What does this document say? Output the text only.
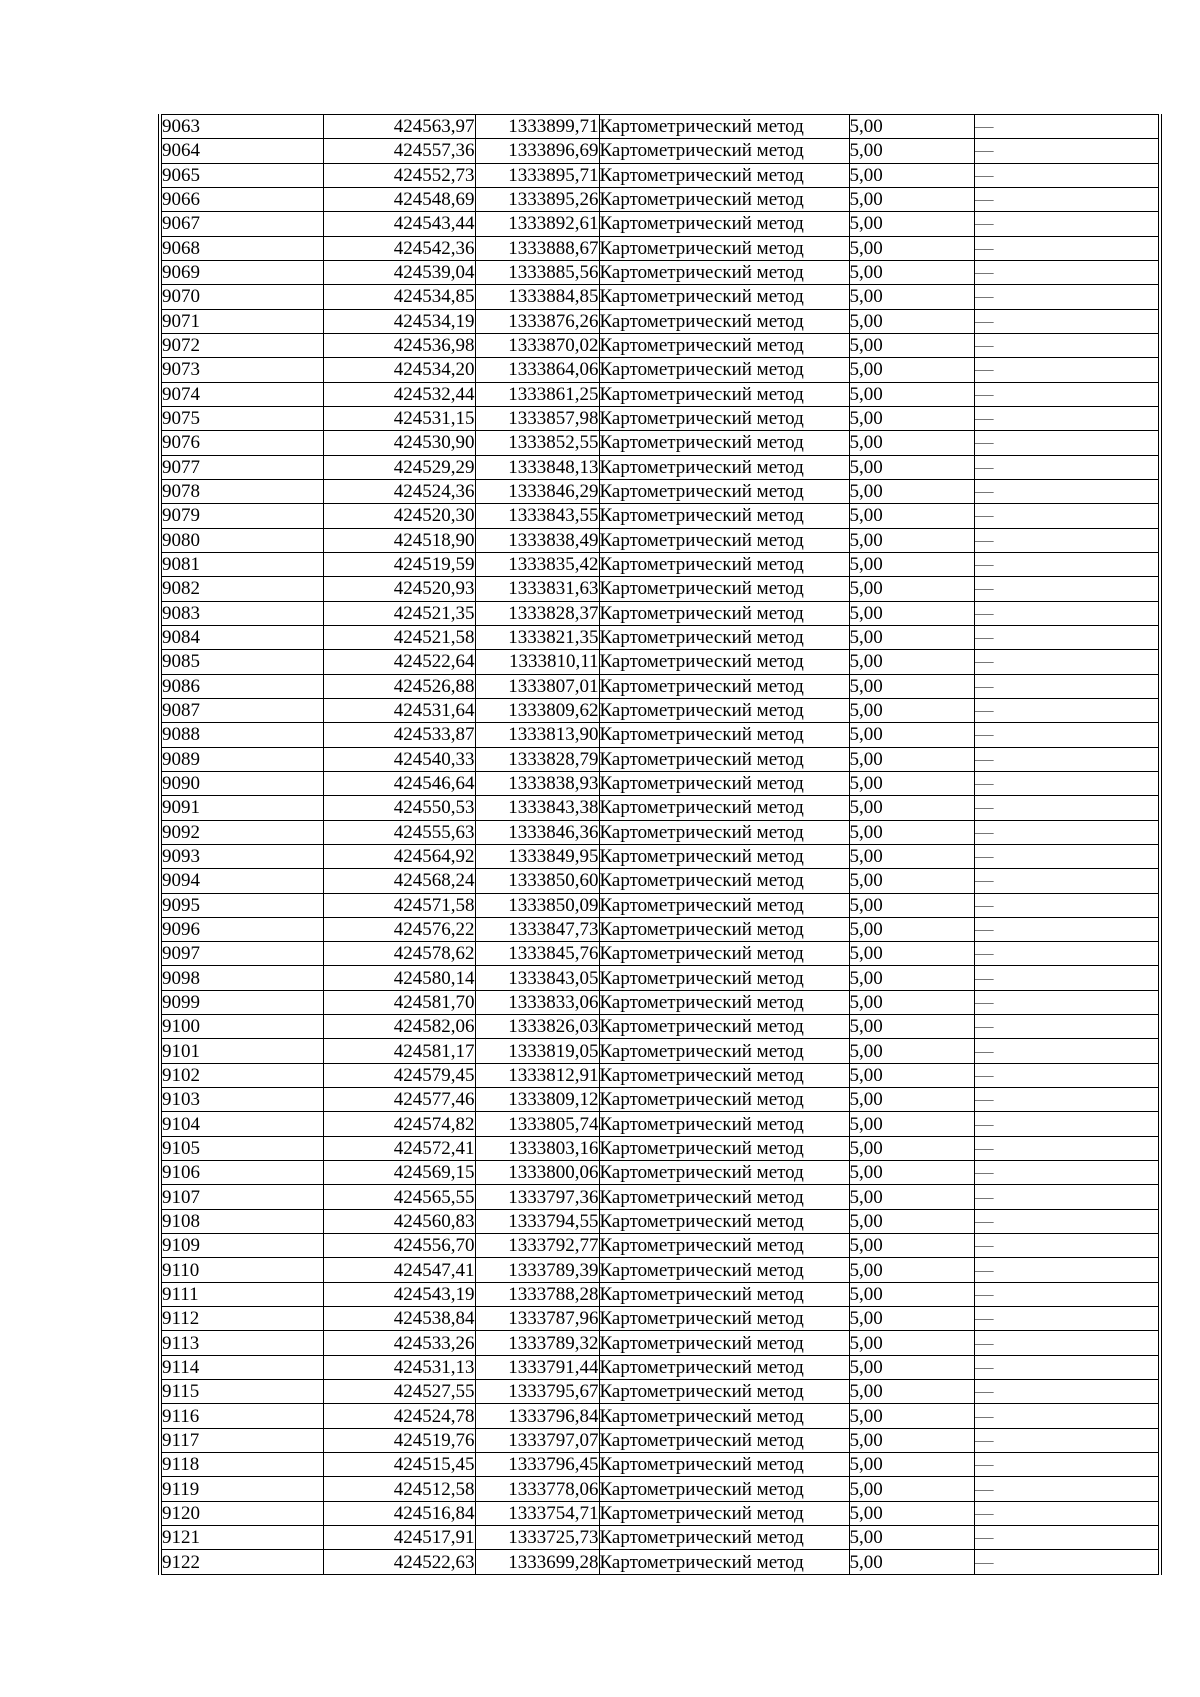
9063	424563,97	1333899,71	Картометрический метод	5,00	—
9064	424557,36	1333896,69	Картометрический метод	5,00	—
9065	424552,73	1333895,71	Картометрический метод	5,00	—
9066	424548,69	1333895,26	Картометрический метод	5,00	—
9067	424543,44	1333892,61	Картометрический метод	5,00	—
9068	424542,36	1333888,67	Картометрический метод	5,00	—
9069	424539,04	1333885,56	Картометрический метод	5,00	—
9070	424534,85	1333884,85	Картометрический метод	5,00	—
9071	424534,19	1333876,26	Картометрический метод	5,00	—
9072	424536,98	1333870,02	Картометрический метод	5,00	—
9073	424534,20	1333864,06	Картометрический метод	5,00	—
9074	424532,44	1333861,25	Картометрический метод	5,00	—
9075	424531,15	1333857,98	Картометрический метод	5,00	—
9076	424530,90	1333852,55	Картометрический метод	5,00	—
9077	424529,29	1333848,13	Картометрический метод	5,00	—
9078	424524,36	1333846,29	Картометрический метод	5,00	—
9079	424520,30	1333843,55	Картометрический метод	5,00	—
9080	424518,90	1333838,49	Картометрический метод	5,00	—
9081	424519,59	1333835,42	Картометрический метод	5,00	—
9082	424520,93	1333831,63	Картометрический метод	5,00	—
9083	424521,35	1333828,37	Картометрический метод	5,00	—
9084	424521,58	1333821,35	Картометрический метод	5,00	—
9085	424522,64	1333810,11	Картометрический метод	5,00	—
9086	424526,88	1333807,01	Картометрический метод	5,00	—
9087	424531,64	1333809,62	Картометрический метод	5,00	—
9088	424533,87	1333813,90	Картометрический метод	5,00	—
9089	424540,33	1333828,79	Картометрический метод	5,00	—
9090	424546,64	1333838,93	Картометрический метод	5,00	—
9091	424550,53	1333843,38	Картометрический метод	5,00	—
9092	424555,63	1333846,36	Картометрический метод	5,00	—
9093	424564,92	1333849,95	Картометрический метод	5,00	—
9094	424568,24	1333850,60	Картометрический метод	5,00	—
9095	424571,58	1333850,09	Картометрический метод	5,00	—
9096	424576,22	1333847,73	Картометрический метод	5,00	—
9097	424578,62	1333845,76	Картометрический метод	5,00	—
9098	424580,14	1333843,05	Картометрический метод	5,00	—
9099	424581,70	1333833,06	Картометрический метод	5,00	—
9100	424582,06	1333826,03	Картометрический метод	5,00	—
9101	424581,17	1333819,05	Картометрический метод	5,00	—
9102	424579,45	1333812,91	Картометрический метод	5,00	—
9103	424577,46	1333809,12	Картометрический метод	5,00	—
9104	424574,82	1333805,74	Картометрический метод	5,00	—
9105	424572,41	1333803,16	Картометрический метод	5,00	—
9106	424569,15	1333800,06	Картометрический метод	5,00	—
9107	424565,55	1333797,36	Картометрический метод	5,00	—
9108	424560,83	1333794,55	Картометрический метод	5,00	—
9109	424556,70	1333792,77	Картометрический метод	5,00	—
9110	424547,41	1333789,39	Картометрический метод	5,00	—
9111	424543,19	1333788,28	Картометрический метод	5,00	—
9112	424538,84	1333787,96	Картометрический метод	5,00	—
9113	424533,26	1333789,32	Картометрический метод	5,00	—
9114	424531,13	1333791,44	Картометрический метод	5,00	—
9115	424527,55	1333795,67	Картометрический метод	5,00	—
9116	424524,78	1333796,84	Картометрический метод	5,00	—
9117	424519,76	1333797,07	Картометрический метод	5,00	—
9118	424515,45	1333796,45	Картометрический метод	5,00	—
9119	424512,58	1333778,06	Картометрический метод	5,00	—
9120	424516,84	1333754,71	Картометрический метод	5,00	—
9121	424517,91	1333725,73	Картометрический метод	5,00	—
9122	424522,63	1333699,28	Картометрический метод	5,00	—
